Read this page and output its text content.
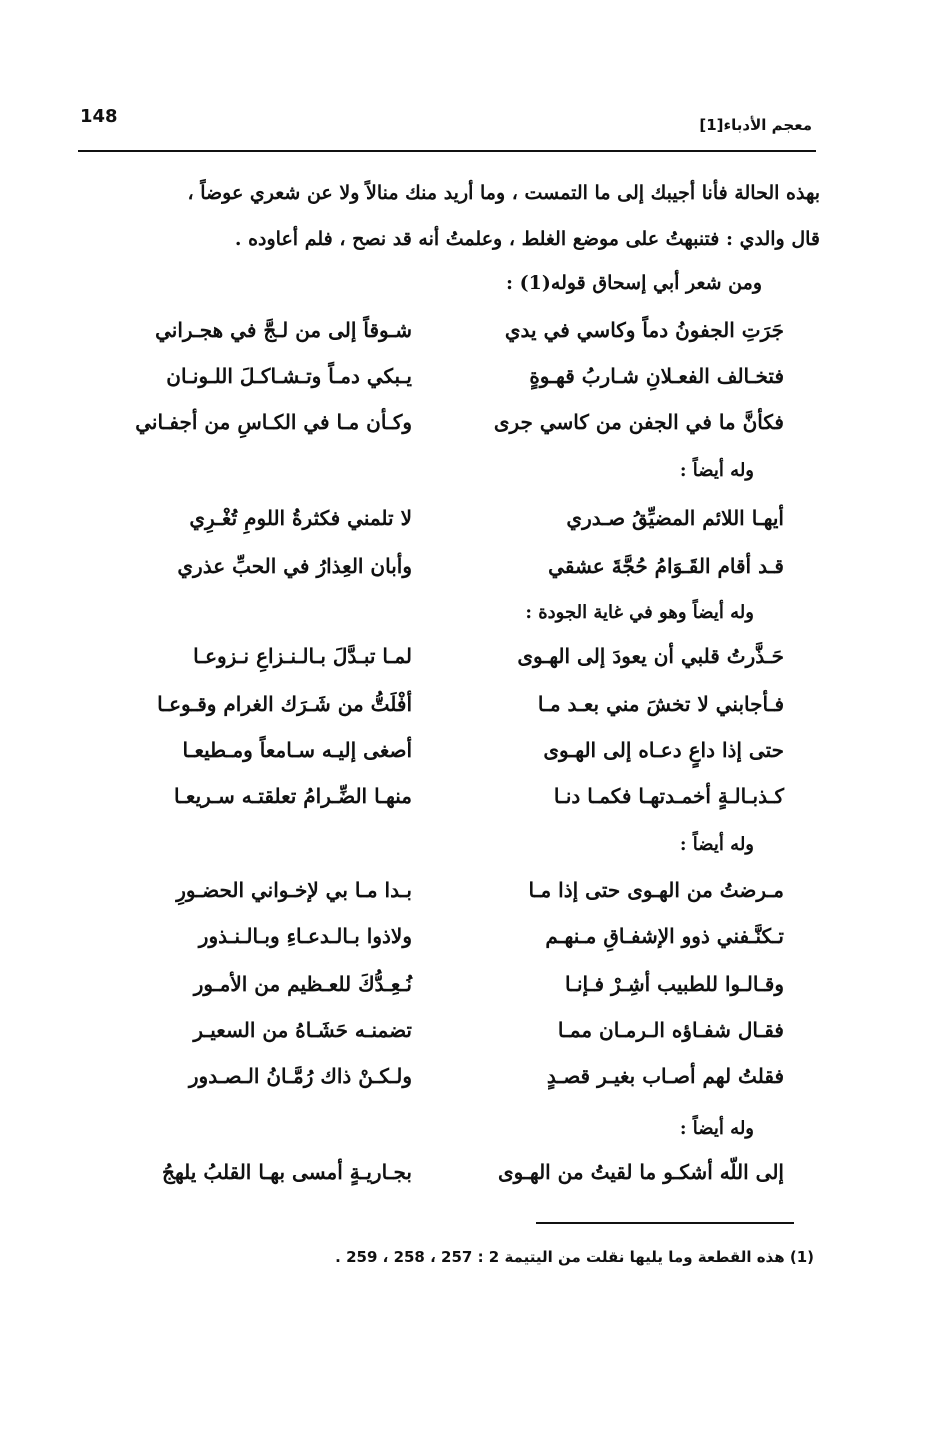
148	معجم الأدباء[1]
بهذه الحالة فأنا أجيبك إلى ما التمست ، وما أريد منك منالاً ولا عن شعري عوضاً ،
قال والدي : فتنبهتُ على موضع الغلط ، وعلمتُ أنه قد نصح ، فلم أعاوده .
ومن شعر أبي إسحاق قوله(1) :
جَرَتِ الجفونُ دماً وكاسي في يدي
شـوقاً إلى من لـجَّ في هجـراني
فتخـالف الفعـلانِ شـاربُ قهـوةٍ
يـبكي دمـاً وتـشـاكـلَ اللـونـان
فكأنَّ ما في الجفن من كاسي جرى
وكـأن مـا في الكـاسِ من أجفـاني
وله أيضاً :
أيهـا اللائم المضيِّقُ صـدري
لا تلمني فكثرةُ اللومِ تُغْـرِي
قـد أقام القَـوَامُ حُجَّةَ عشقي
وأبان العِذارُ في الحبِّ عذري
وله أيضاً وهو في غاية الجودة :
حَـذَّرتُ قلبي أن يعودَ إلى الهـوى
لمـا تبـدَّلَ بـالـنـزاعِ نـزوعـا
فـأجابني لا تخشَ مني بعـد مـا
أفْلَتُّ من شَـرَك الغرام وقـوعـا
حتى إذا داعٍ دعـاه إلى الهـوى
أصغى إليـه سـامعاً ومـطيعـا
كـذبـالـةٍ أخمـدتهـا فكمـا دنـا
منهـا الضِّـرامُ تعلقتـه سـريعـا
وله أيضاً :
مـرضتُ من الهـوى حتى إذا مـا
بـدا مـا بي لإخـواني الحضـورِ
تـكنَّـفني ذوو الإشفـاقِ مـنهـم
ولاذوا بـالـدعـاءِ وبـالـنـذور
وقـالـوا للطبيب أشِـرْ فـإنـا
نُـعِـدُّكَ للعـظيم من الأمـور
فقـال شفـاؤه الـرمـان ممـا
تضمنـه حَشَـاهُ من السعيـر
فقلتُ لهم أصـاب بغيـر قصـدٍ
ولـكـنْ ذاك رُمَّـانُ الـصـدور
وله أيضاً :
إلى اللّه أشكـو ما لقيتُ من الهـوى
بجـاريـةٍ أمسى بهـا القلبُ يلهجُ
(1) هذه القطعة وما يليها نقلت من اليتيمة 2 : 257 ، 258 ، 259 .
